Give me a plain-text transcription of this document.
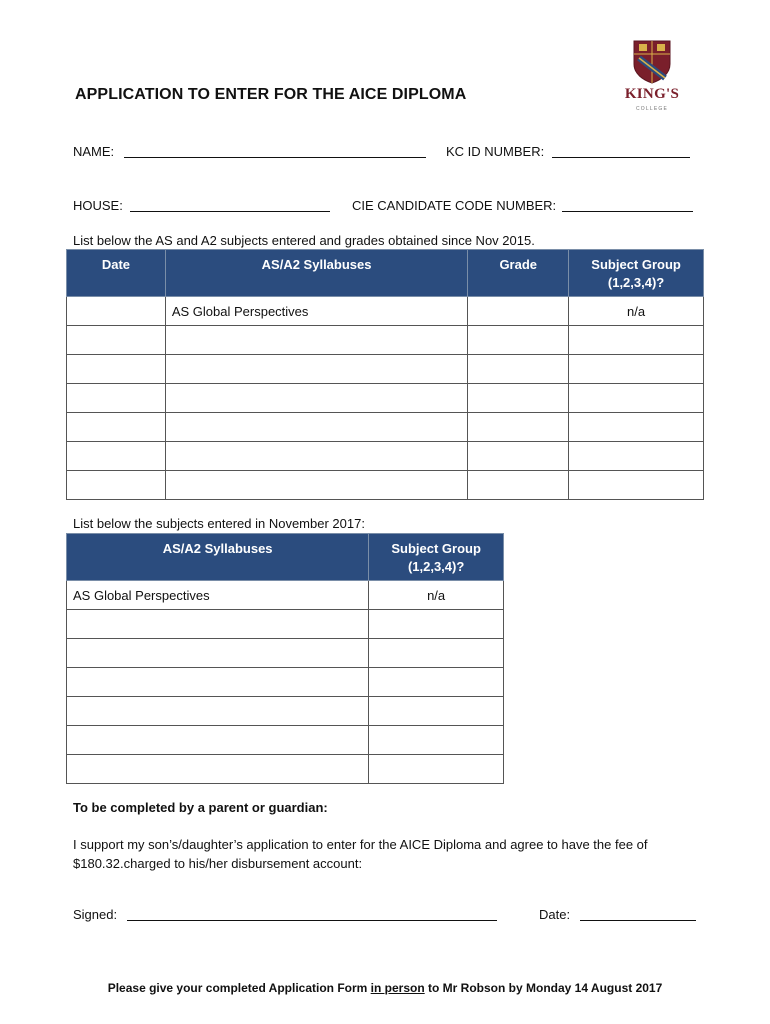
APPLICATION TO ENTER FOR THE AICE DIPLOMA	KING'S
COLLEGE
NAME:	KC ID NUMBER:
HOUSE:	CIE CANDIDATE CODE NUMBER:
List below the AS and A2 subjects entered and grades obtained since Nov 2015.
Date	AS/A2 Syllabuses	Grade	Subject Group (1,2,3,4)?
	AS Global Perspectives		n/a

List below the subjects entered in November 2017:
AS/A2 Syllabuses	Subject Group (1,2,3,4)?
AS Global Perspectives	n/a

To be completed by a parent or guardian:
I support my son’s/daughter’s application to enter for the AICE Diploma and agree to have the fee of $180.32.charged to his/her disbursement account:
Signed:	Date:
Please give your completed Application Form in person to Mr Robson by Monday 14 August 2017
